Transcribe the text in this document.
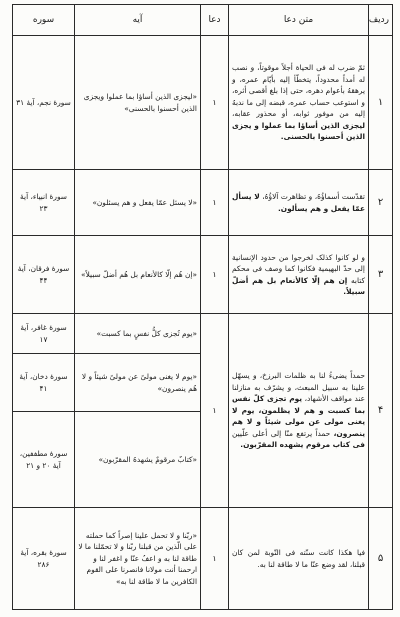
ردیف	متن دعا	دعا	آیه	سوره
۱	ثمّ ضرب له فی الحیاة أجلاً موقوتاً، و نصب له أمداً محدوداً، یتخطّأ إلیه بأیّام عمره، و یرهقهُ بأعوام دهره، حتی إذا بلغ أقصی أثره، و استوعب حساب عمره، قبضه إلی ما ندبهُ إلیه من موفور ثوابه، أو محذور عقابه، لیجزی الذین أساؤا بما عملوا و یجزی الذین أحسنوا بالحسنی.	۱	«لیجزی الذین أساؤا بما عملوا ویجزی الذین أحسنوا بالحسنی»	سورهٔ نجم، آیهٔ ۳۱
۲	تقدّست أسماؤُهُ، و تظاهرت آلاؤُهُ، لا یسأل عمّا یفعل و هم یسألون.	۱	«لا یسئل عمّا یفعل و هم یسئلون»	سورهٔ انبیاء، آیهٔ ۲۳
۳	و لو کانوا کذلک لخرجوا من حدود الإنسانیة إلی حدّ البهیمیة فکانوا کما وصف فی محکم کتابه إن هم إلّا کالأنعام بل هم أضلّ سبیلاً.	۱	«إن هُم إلّا کالأنعام بل هُم أضلّ سبیلاً»	سورهٔ فرقان، آیهٔ ۴۴
۴	حمداً یضیءُ لنا به ظلمات البرزخ، و یسهّل علینا به سبیل المبعث، و یشرّف به منازلنا عند مواقف الأشهاد، یوم تجزی کلّ نفس بما کسبت و هم لا یظلمون، یوم لا یغنی مولی عن مولی شیئاً و لا هم ینصرون، حمداً یرتفع منّا إلی أعلی علّیین فی کتاب مرقوم یشهده المقرّبون.	۱	«یوم تُجزی کلُّ نفسٍ بما کسبت»	سورهٔ غافر، آیهٔ ۱۷
			«یوم لا یغنی مولیً عن مولیً شیئاً و لا هُم ینصرون»	سورهٔ دخان، آیهٔ ۴۱
			«کتابٌ مرقومٌ یشهدهُ المقرّبون»	سورهٔ مطففین، آیهٔ ۲۰ و ۲۱
۵	فیا هکذا کانت سنّته فی التّوبة لمن کان قبلنا، لقد وضع عنّا ما لا طاقة لنا به.	۱	«ربّنا و لا تحمل علینا إصراً کما حملته علی الّذین من قبلنا ربّنا و لا تحمّلنا ما لا طاقة لنا به و اعفُ عنّا و اغفر لنا و ارحمنا أنت مولانا فانصرنا علی القوم الکافرین ما لا طاقة لنا به»	سورهٔ بقره، آیهٔ ۲۸۶
